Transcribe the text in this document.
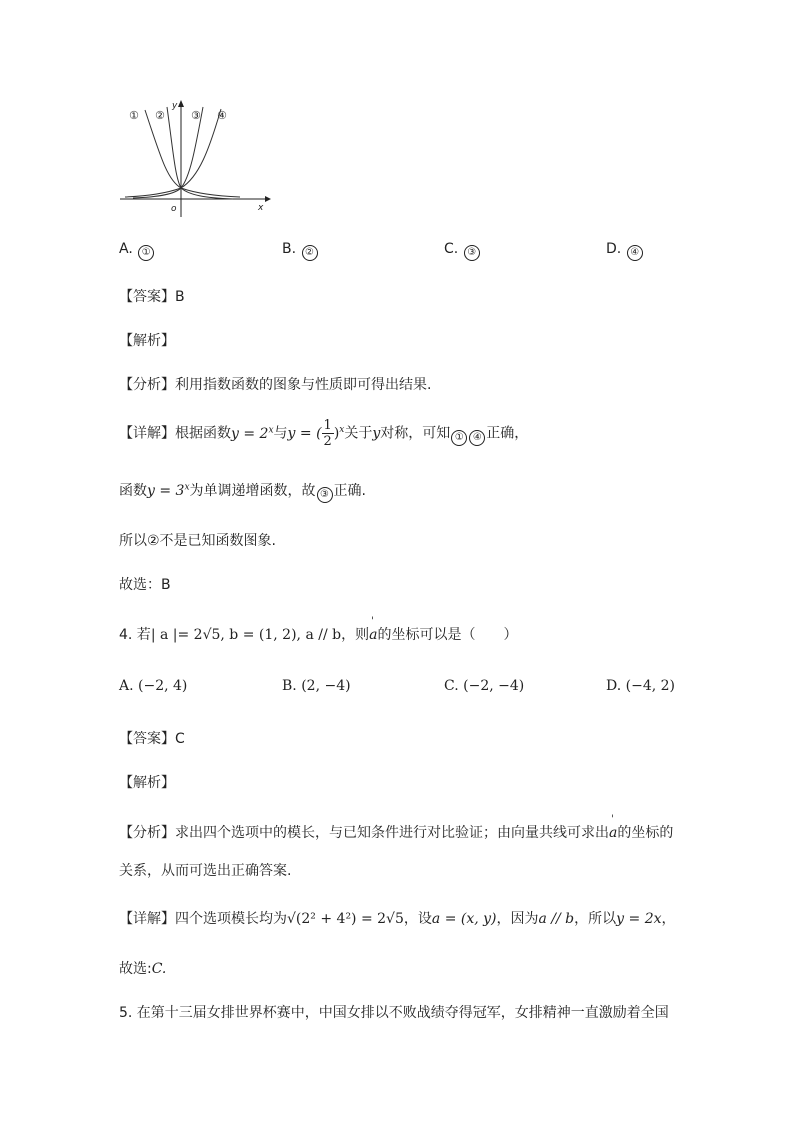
y
x
o
① ② ③ ④
A. ①	B. ②	C. ③	D. ④
【答案】B
【解析】
【分析】利用指数函数的图象与性质即可得出结果.
【详解】根据函数$y = 2^x$与y = ( $\frac{1}{2} )^x$关于y对称，可知 ① ④ 正确，
函数$y = 3^x$为单调递增函数，故 ③ 正确.
所以②不是已知函数图象.
故选：B
4. 若| a |= 2√5, b = (1, 2), a // b，则' a的坐标可以是（　　）
A. (−2, 4)	B. (2, −4)	C. (−2, −4)	D. (−4, 2)
【答案】C
【解析】
【分析】求出四个选项中的模长，与已知条件进行对比验证；由向量共线可求出' a的坐标的
关系，从而可选出正确答案.
【详解】四个选项模长均为√(2² + 4²) = 2√5，设a = (x, y)，因为a // b，所以y = 2x，
故选:C.
5. 在第十三届女排世界杯赛中，中国女排以不败战绩夺得冠军，女排精神一直激励着全国
